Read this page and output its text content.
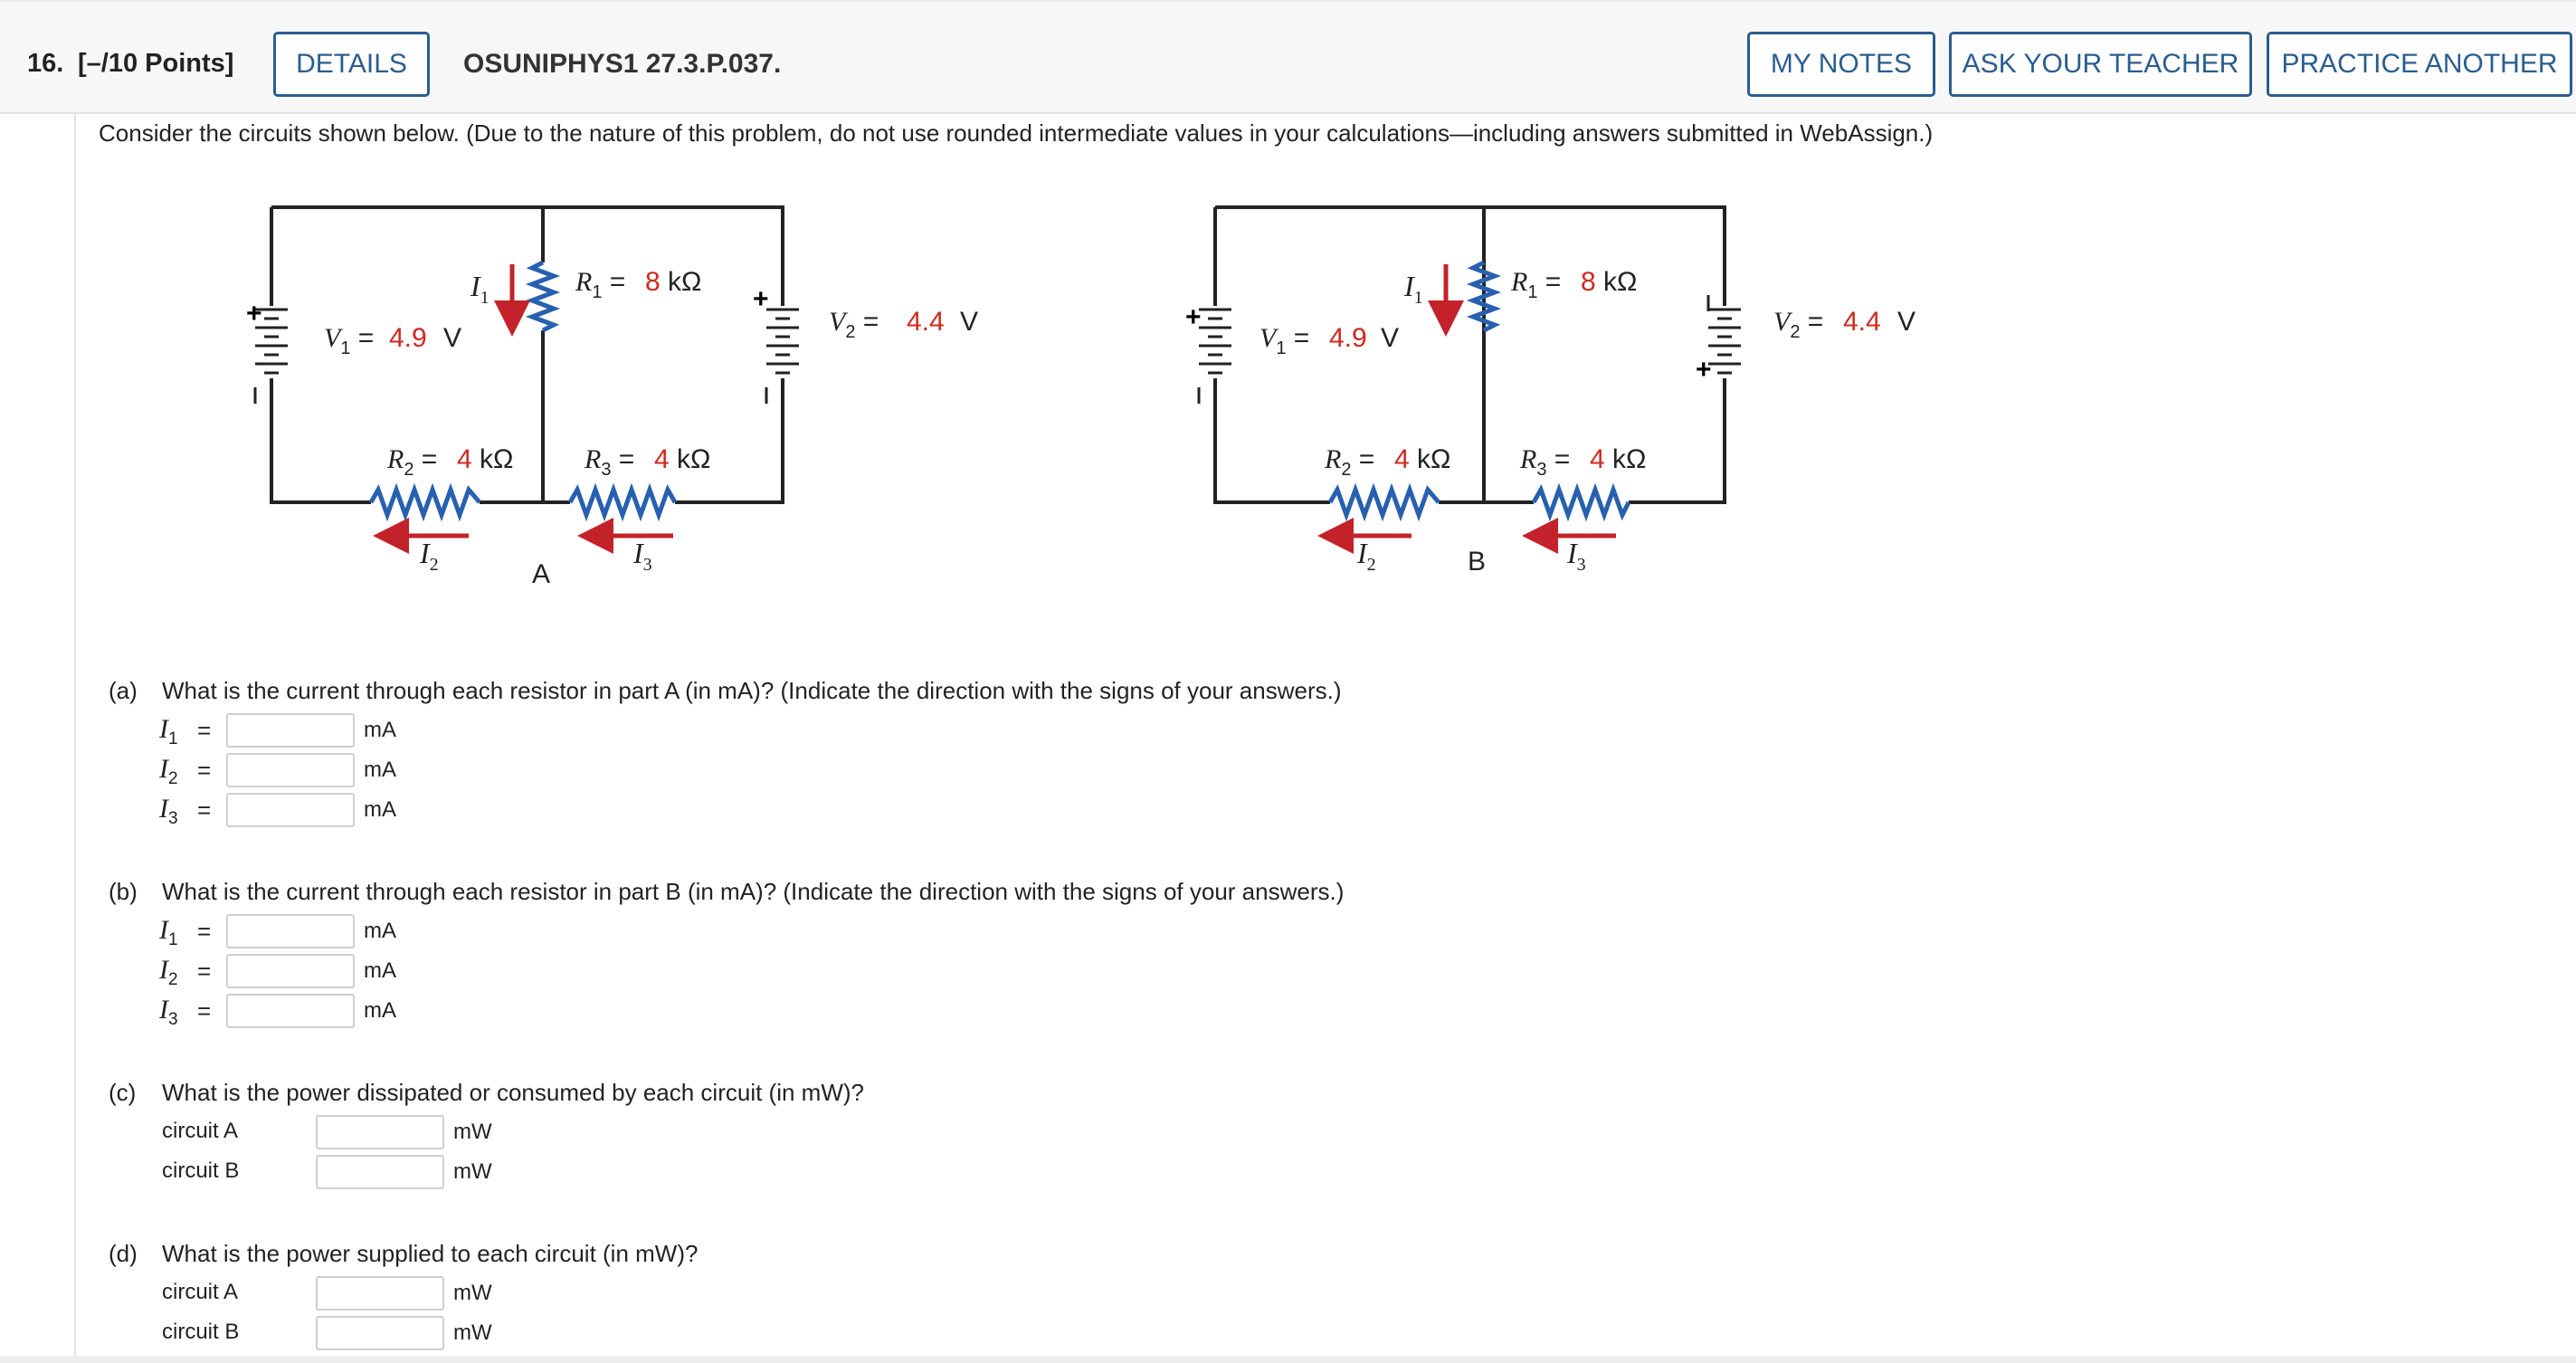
16. [–/10 Points]	DETAILS	OSUNIPHYS1 27.3.P.037.	MY NOTES	ASK YOUR TEACHER	PRACTICE ANOTHER
Consider the circuits shown below. (Due to the nature of this problem, do not use rounded intermediate values in your calculations—including answers submitted in WebAssign.)
+	+
$V_1 = 4.9$ V
$V_2 = 4.4$ V
$R_1 = 8$ kΩ
$R_2 = 4$ kΩ	$R_3 = 4$ kΩ
$I_1$
$I_2$	$I_3$
A
+
+
$V_1 = 4.9$ V
$V_2 = 4.4$ V
$R_1 = 8$ kΩ
$R_2 = 4$ kΩ	$R_3 = 4$ kΩ
$I_1$
$I_2$	$I_3$
B
(a) What is the current through each resistor in part A (in mA)? (Indicate the direction with the signs of your answers.)
$I_1$ =	mA
$I_2$ =	mA
$I_3$ =	mA
(b) What is the current through each resistor in part B (in mA)? (Indicate the direction with the signs of your answers.)
$I_1$ =	mA
$I_2$ =	mA
$I_3$ =	mA
(c) What is the power dissipated or consumed by each circuit (in mW)?
circuit A	mW
circuit B	mW
(d) What is the power supplied to each circuit (in mW)?
circuit A	mW
circuit B	mW
